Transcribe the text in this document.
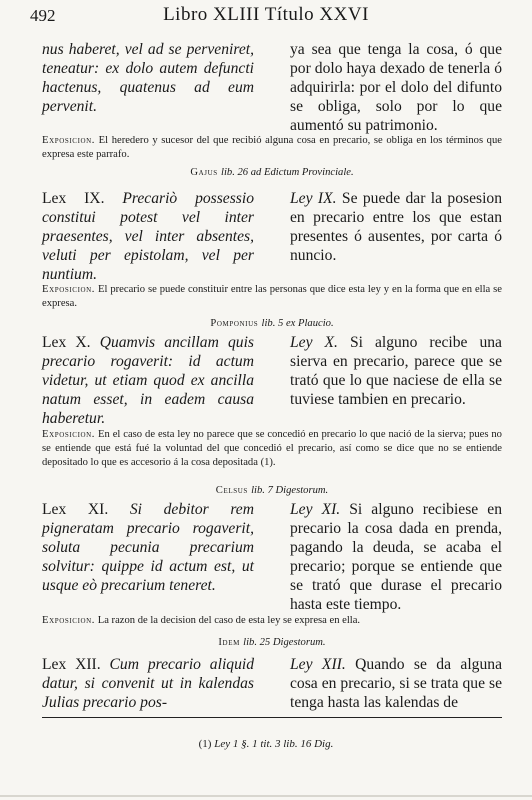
492	Libro XLIII Título XXVI
nus haberet, vel ad se perveniret, teneatur: ex dolo autem defuncti hactenus, quatenus ad eum pervenit.
ya sea que tenga la cosa, ó que por dolo haya dexado de tenerla ó adquirirla: por el dolo del difunto se obliga, solo por lo que aumentó su patrimonio.
Exposicion. El heredero y sucesor del que recibió alguna cosa en precario, se obliga en los términos que expresa este parrafo.
Gajus lib. 26 ad Edictum Provinciale.
Lex IX. Precariò possessio constitui potest vel inter praesentes, vel inter absentes, veluti per epistolam, vel per nuntium.
Ley IX. Se puede dar la posesion en precario entre los que estan presentes ó ausentes, por carta ó nuncio.
Exposicion. El precario se puede constituir entre las personas que dice esta ley y en la forma que en ella se expresa.
Pomponius lib. 5 ex Plaucio.
Lex X. Quamvis ancillam quis precario rogaverit: id actum videtur, ut etiam quod ex ancilla natum esset, in eadem causa haberetur.
Ley X. Si alguno recibe una sierva en precario, parece que se trató que lo que naciese de ella se tuviese tambien en precario.
Exposicion. En el caso de esta ley no parece que se concedió en precario lo que nació de la sierva; pues no se entiende que está fué la voluntad del que concedió el precario, así como se dice que no se entiende depositado lo que es accesorio á la cosa depositada (1).
Celsus lib. 7 Digestorum.
Lex XI. Si debitor rem pigneratam precario rogaverit, soluta pecunia precarium solvitur: quippe id actum est, ut usque eò precarium teneret.
Ley XI. Si alguno recibiese en precario la cosa dada en prenda, pagando la deuda, se acaba el precario; porque se entiende que se trató que durase el precario hasta este tiempo.
Exposicion. La razon de la decision del caso de esta ley se expresa en ella.
Idem lib. 25 Digestorum.
Lex XII. Cum precario aliquid datur, si convenit ut in kalendas Julias precario pos-
Ley XII. Quando se da alguna cosa en precario, si se trata que se tenga hasta las kalendas de
(1) Ley 1 §. 1 tit. 3 lib. 16 Dig.
